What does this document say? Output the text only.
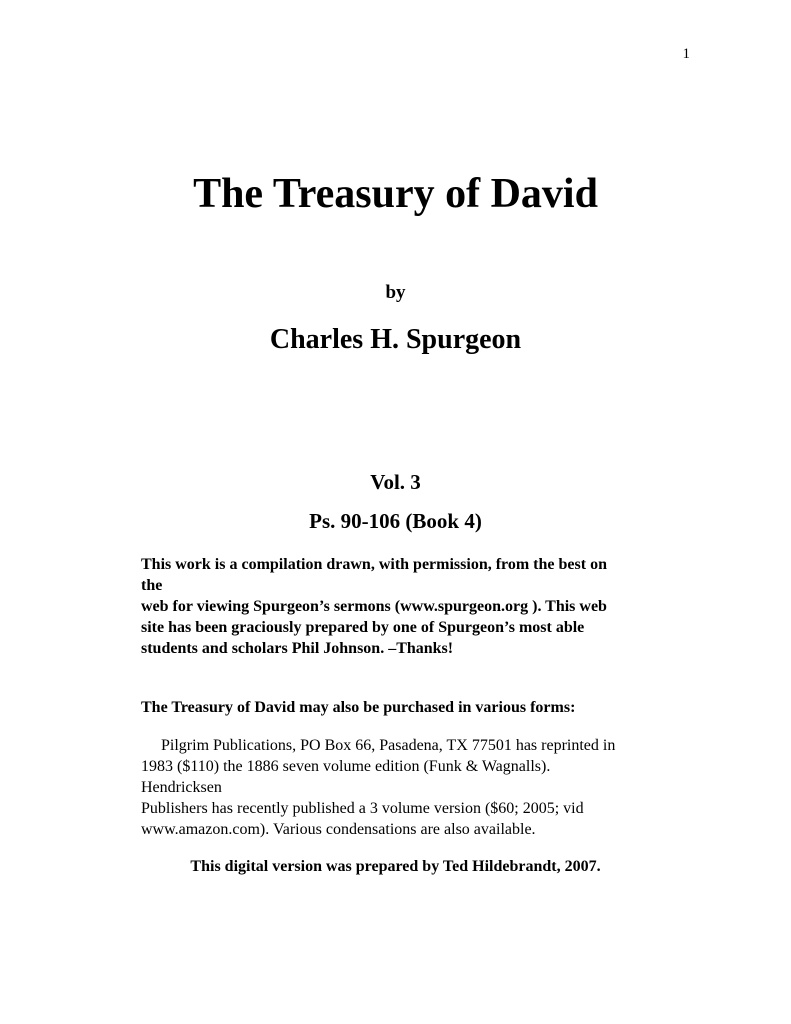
1
The Treasury of David
by
Charles H. Spurgeon
Vol. 3
Ps. 90-106 (Book 4)
This work is a compilation drawn, with permission, from the best on
the
web for viewing Spurgeon’s sermons (www.spurgeon.org ). This web
site has been graciously prepared by one of Spurgeon’s most able
students and scholars Phil Johnson. –Thanks!
The Treasury of David may also be purchased in various forms:
Pilgrim Publications, PO Box 66, Pasadena, TX 77501 has reprinted in
1983 ($110) the 1886 seven volume edition (Funk & Wagnalls).
Hendricksen
Publishers has recently published a 3 volume version ($60; 2005; vid
www.amazon.com). Various condensations are also available.
This digital version was prepared by Ted Hildebrandt, 2007.
